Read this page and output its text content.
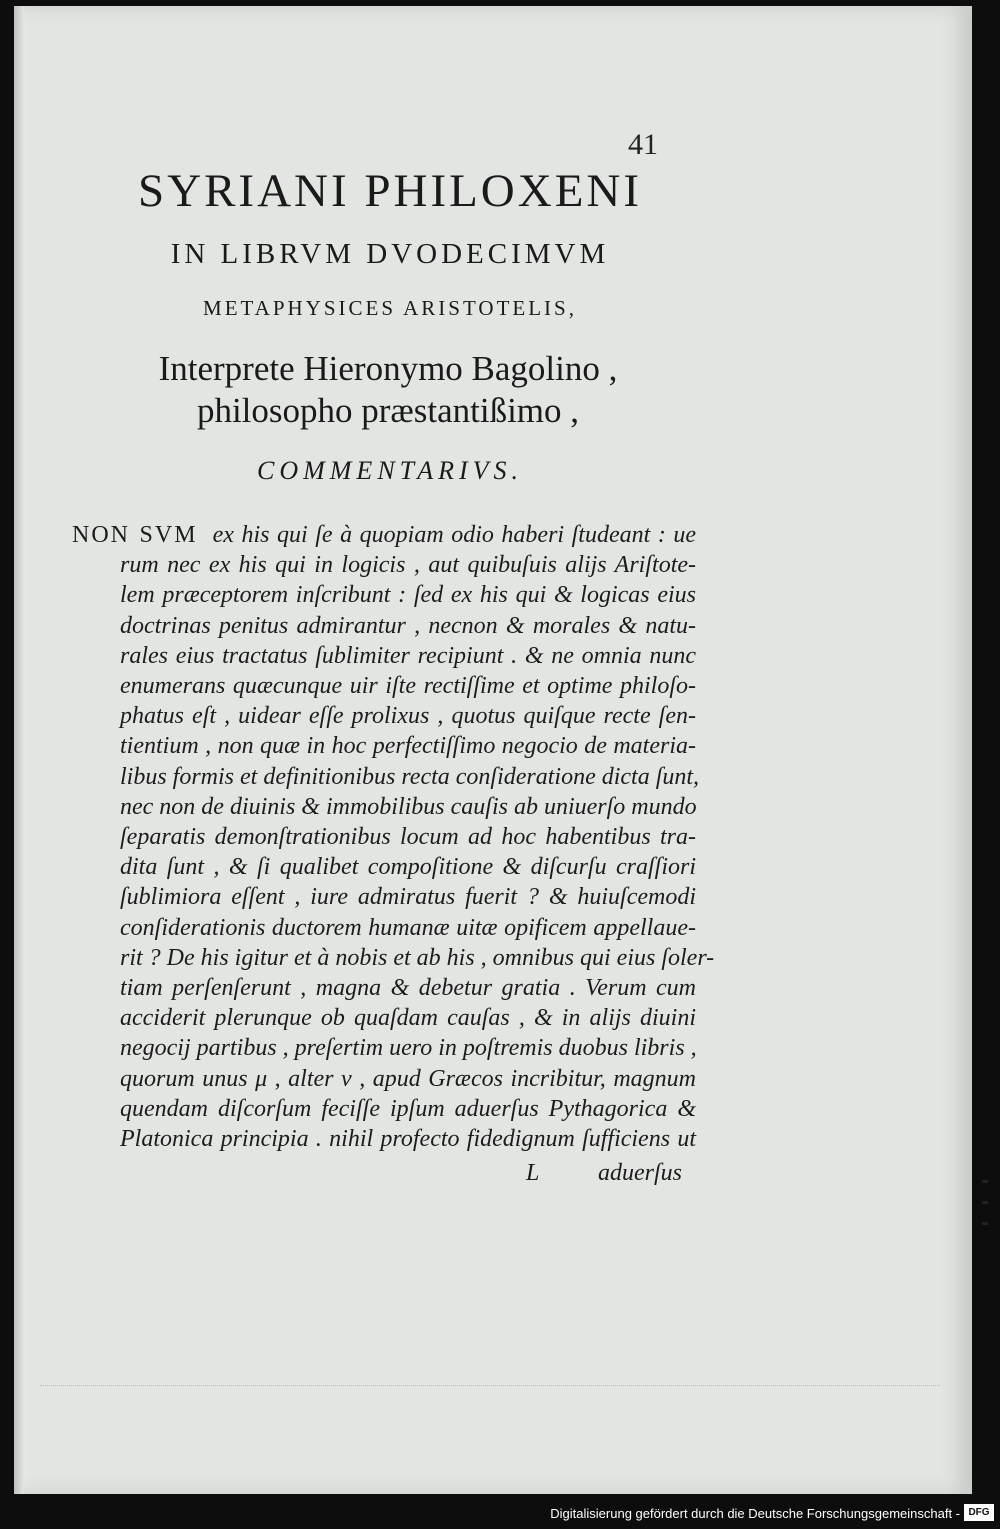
41
SYRIANI PHILOXENI
IN LIBRVM DVODECIMVM
METAPHYSICES ARISTOTELIS,
Interprete Hieronymo Bagolino ,
philosopho præstantißimo ,
COMMENTARIVS.
NON SVM ex his qui ſe à quopiam odio haberi ſtudeant : ue
rum nec ex his qui in logicis , aut quibuſuis alijs Ariſtote-
lem præceptorem inſcribunt : ſed ex his qui & logicas eius
doctrinas penitus admirantur , necnon & morales & natu-
rales eius tractatus ſublimiter recipiunt . & ne omnia nunc
enumerans quæcunque uir iſte rectiſſime et optime philoſo-
phatus eſt , uidear eſſe prolixus , quotus quiſque recte ſen-
tientium , non quæ in hoc perfectiſſimo negocio de materia-
libus formis et definitionibus recta conſideratione dicta ſunt,
nec non de diuinis & immobilibus cauſis ab uniuerſo mundo
ſeparatis demonſtrationibus locum ad hoc habentibus tra-
dita ſunt , & ſi qualibet compoſitione & diſcurſu craſſiori
ſublimiora eſſent , iure admiratus fuerit ? & huiuſcemodi
conſiderationis ductorem humanæ uitæ opificem appellaue-
rit ? De his igitur et à nobis et ab his , omnibus qui eius ſoler-
tiam perſenſerunt , magna & debetur gratia . Verum cum
acciderit plerunque ob quaſdam cauſas , & in alijs diuini
negocij partibus , preſertim uero in poſtremis duobus libris ,
quorum unus μ , alter ν , apud Græcos incribitur, magnum
quendam diſcorſum feciſſe ipſum aduerſus Pythagorica &
Platonica principia . nihil profecto fidedignum ſufficiens ut
L aduerſus
Digitalisierung gefördert durch die Deutsche Forschungsgemeinschaft - DFG
